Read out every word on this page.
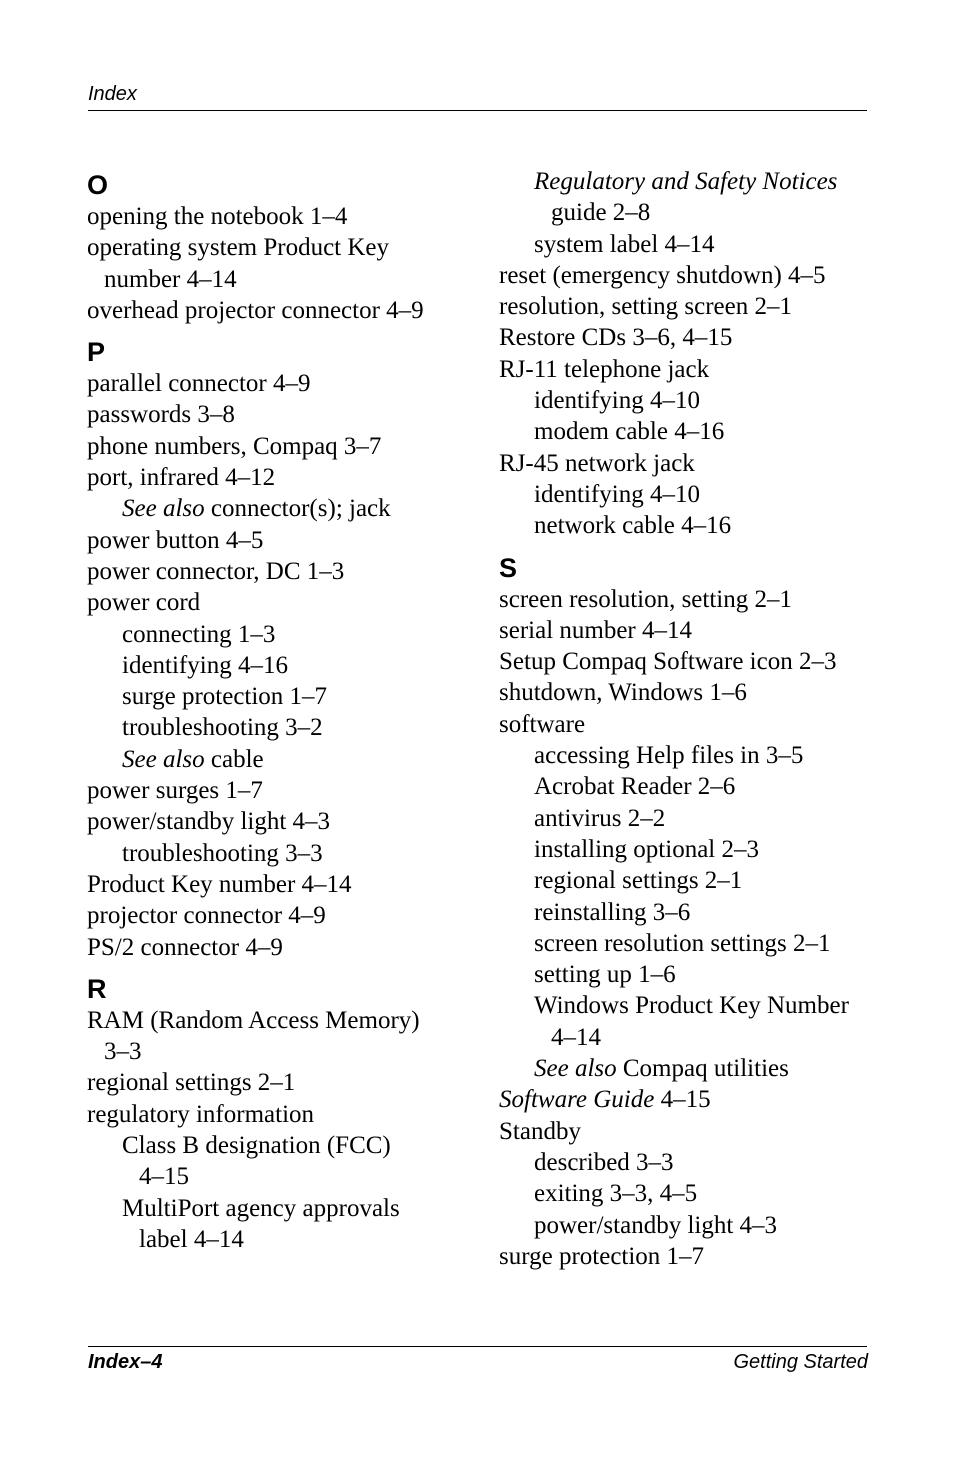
Index
O
opening the notebook 1–4
operating system Product Key
number 4–14
overhead projector connector 4–9
P
parallel connector 4–9
passwords 3–8
phone numbers, Compaq 3–7
port, infrared 4–12
See also connector(s); jack
power button 4–5
power connector, DC 1–3
power cord
connecting 1–3
identifying 4–16
surge protection 1–7
troubleshooting 3–2
See also cable
power surges 1–7
power/standby light 4–3
troubleshooting 3–3
Product Key number 4–14
projector connector 4–9
PS/2 connector 4–9
R
RAM (Random Access Memory)
3–3
regional settings 2–1
regulatory information
Class B designation (FCC)
4–15
MultiPort agency approvals
label 4–14
Regulatory and Safety Notices
guide 2–8
system label 4–14
reset (emergency shutdown) 4–5
resolution, setting screen 2–1
Restore CDs 3–6, 4–15
RJ-11 telephone jack
identifying 4–10
modem cable 4–16
RJ-45 network jack
identifying 4–10
network cable 4–16
S
screen resolution, setting 2–1
serial number 4–14
Setup Compaq Software icon 2–3
shutdown, Windows 1–6
software
accessing Help files in 3–5
Acrobat Reader 2–6
antivirus 2–2
installing optional 2–3
regional settings 2–1
reinstalling 3–6
screen resolution settings 2–1
setting up 1–6
Windows Product Key Number
4–14
See also Compaq utilities
Software Guide 4–15
Standby
described 3–3
exiting 3–3, 4–5
power/standby light 4–3
surge protection 1–7
Index–4	Getting Started
